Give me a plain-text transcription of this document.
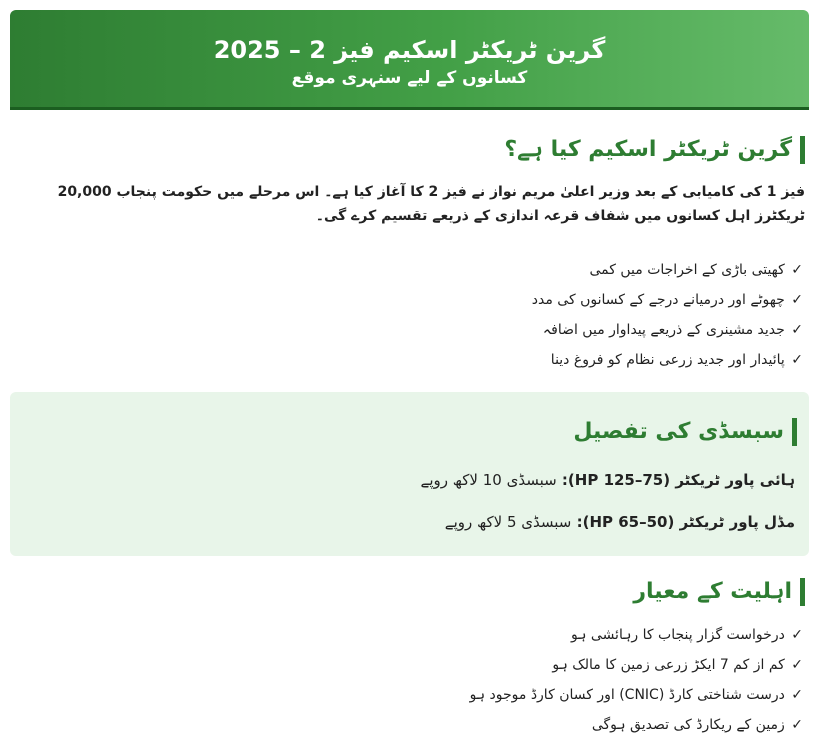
گرین ٹریکٹر اسکیم فیز 2 – 2025
کسانوں کے لیے سنہری موقع
گرین ٹریکٹر اسکیم کیا ہے؟
فیز 1 کی کامیابی کے بعد وزیر اعلیٰ مریم نواز نے فیز 2 کا آغاز کیا ہے۔ اس مرحلے میں حکومت پنجاب 20,000 ٹریکٹرز اہل کسانوں میں شفاف قرعہ اندازی کے ذریعے تقسیم کرے گی۔
✓ کھیتی باڑی کے اخراجات میں کمی
✓ چھوٹے اور درمیانے درجے کے کسانوں کی مدد
✓ جدید مشینری کے ذریعے پیداوار میں اضافہ
✓ پائیدار اور جدید زرعی نظام کو فروغ دینا
سبسڈی کی تفصیل
ہائی پاور ٹریکٹر (75–125 HP): سبسڈی 10 لاکھ روپے
مڈل پاور ٹریکٹر (50–65 HP): سبسڈی 5 لاکھ روپے
اہلیت کے معیار
✓ درخواست گزار پنجاب کا رہائشی ہو
✓ کم از کم 7 ایکڑ زرعی زمین کا مالک ہو
✓ درست شناختی کارڈ (CNIC) اور کسان کارڈ موجود ہو
✓ زمین کے ریکارڈ کی تصدیق ہوگی
